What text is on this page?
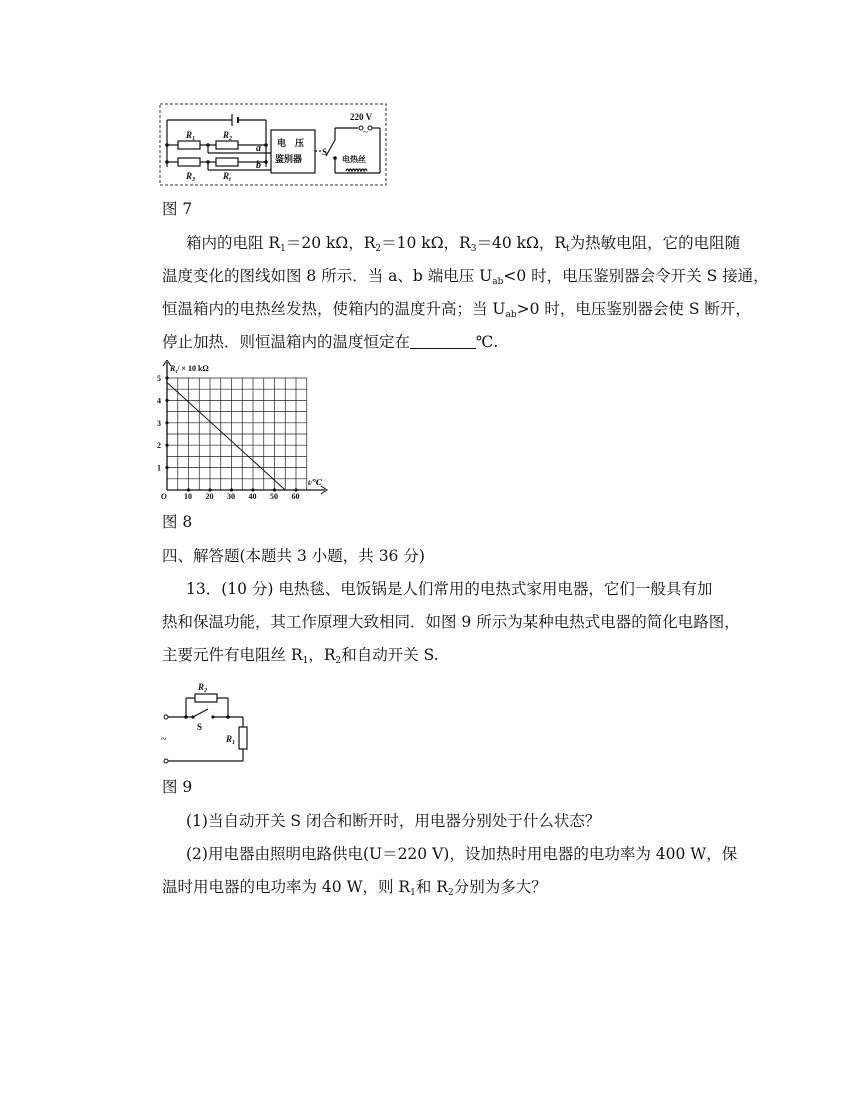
220 V
~
$R_1$	$R_2$
$R_3$	$R_t$
a
b
电　压
鉴别器
S
电热丝
图 7
箱内的电阻 $R_1=20$ kΩ，$R_2=10$ kΩ，$R_3=40$ kΩ，$R_t$为热敏电阻，它的电阻随
温度变化的图线如图 8 所示．当 a、b 端电压 $U_{ab}<0$ 时，电压鉴别器会令开关 S 接通，
恒温箱内的电热丝发热，使箱内的温度升高；当 $U_{ab}>0$ 时，电压鉴别器会使 S 断开，
停止加热．则恒温箱内的温度恒定在	℃.
10 20 30 40 50 60
1
2
3
4
5
$R_t/ \times 10$ kΩ
t/℃
O
图 8
四、解答题(本题共 3 小题，共 36 分)
13．(10 分) 电热毯、电饭锅是人们常用的电热式家用电器，它们一般具有加
热和保温功能，其工作原理大致相同．如图 9 所示为某种电热式电器的简化电路图，
主要元件有电阻丝 $R_1$，$R_2$和自动开关 S.
$R_2$
S
$R_1$
~
图 9
(1)当自动开关 S 闭合和断开时，用电器分别处于什么状态？
(2)用电器由照明电路供电(U＝220 V)，设加热时用电器的电功率为 400 W，保
温时用电器的电功率为 40 W，则 $R_1$和 $R_2$分别为多大？
